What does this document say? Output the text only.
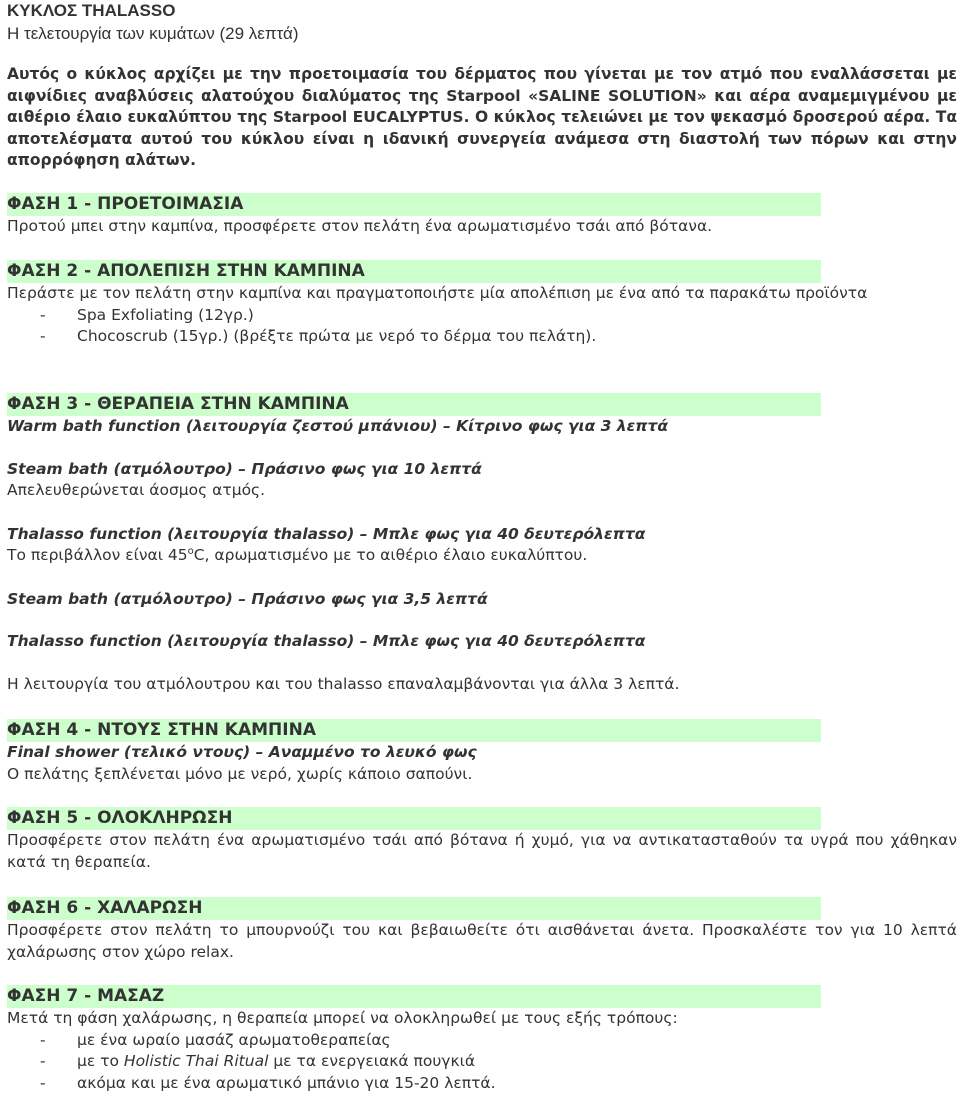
ΚΥΚΛΟΣ THALASSO

Η τελετουργία των κυμάτων (29 λεπτά)

Αυτός ο κύκλος αρχίζει με την προετοιμασία του δέρματος που γίνεται με τον ατμό που εναλλάσσεται με αιφνίδιες αναβλύσεις αλατούχου διαλύματος της Starpool «SALINE SOLUTION» και αέρα αναμεμιγμένου με αιθέριο έλαιο ευκαλύπτου της Starpool EUCALYPTUS. Ο κύκλος τελειώνει με τον ψεκασμό δροσερού αέρα. Τα αποτελέσματα αυτού του κύκλου είναι η ιδανική συνεργεία ανάμεσα στη διαστολή των πόρων και στην απορρόφηση αλάτων.

ΦΑΣΗ 1 - ΠΡΟΕΤΟΙΜΑΣΙΑ

Προτού μπει στην καμπίνα, προσφέρετε στον πελάτη ένα αρωματισμένο τσάι από βότανα.

ΦΑΣΗ 2 - ΑΠΟΛΕΠΙΣΗ ΣΤΗΝ ΚΑΜΠΙΝΑ

Περάστε με τον πελάτη στην καμπίνα και πραγματοποιήστε μία απολέπιση με ένα από τα παρακάτω προϊόντα

- Spa Exfoliating (12γρ.)
- Chocoscrub (15γρ.) (βρέξτε πρώτα με νερό το δέρμα του πελάτη).
ΦΑΣΗ 3 - ΘΕΡΑΠΕΙΑ ΣΤΗΝ ΚΑΜΠΙΝΑ

Warm bath function (λειτουργία ζεστού μπάνιου) – Κίτρινο φως για 3 λεπτά

Steam bath (ατμόλουτρο) – Πράσινο φως για 10 λεπτά

Απελευθερώνεται άοσμος ατμός.

Thalasso function (λειτουργία thalasso) – Μπλε φως για 40 δευτερόλεπτα

Το περιβάλλον είναι 45$^o$C, αρωματισμένο με το αιθέριο έλαιο ευκαλύπτου.

Steam bath (ατμόλουτρο) – Πράσινο φως για 3,5 λεπτά

Thalasso function (λειτουργία thalasso) – Μπλε φως για 40 δευτερόλεπτα

Η λειτουργία του ατμόλουτρου και του thalasso επαναλαμβάνονται για άλλα 3 λεπτά.

ΦΑΣΗ 4 - ΝΤΟΥΣ ΣΤΗΝ ΚΑΜΠΙΝΑ

Final shower (τελικό ντους) – Αναμμένο το λευκό φως

Ο πελάτης ξεπλένεται μόνο με νερό, χωρίς κάποιο σαπούνι.

ΦΑΣΗ 5 - ΟΛΟΚΛΗΡΩΣΗ

Προσφέρετε στον πελάτη ένα αρωματισμένο τσάι από βότανα ή χυμό, για να αντικατασταθούν τα υγρά που χάθηκαν κατά τη θεραπεία.

ΦΑΣΗ 6 - ΧΑΛΑΡΩΣΗ

Προσφέρετε στον πελάτη το μπουρνούζι του και βεβαιωθείτε ότι αισθάνεται άνετα. Προσκαλέστε τον για 10 λεπτά χαλάρωσης στον χώρο relax.

ΦΑΣΗ 7 - ΜΑΣΑΖ

Μετά τη φάση χαλάρωσης, η θεραπεία μπορεί να ολοκληρωθεί με τους εξής τρόπους:

- με ένα ωραίο μασάζ αρωματοθεραπείας
- με το Holistic Thai Ritual με τα ενεργειακά πουγκιά
- ακόμα και με ένα αρωματικό μπάνιο για 15-20 λεπτά.
